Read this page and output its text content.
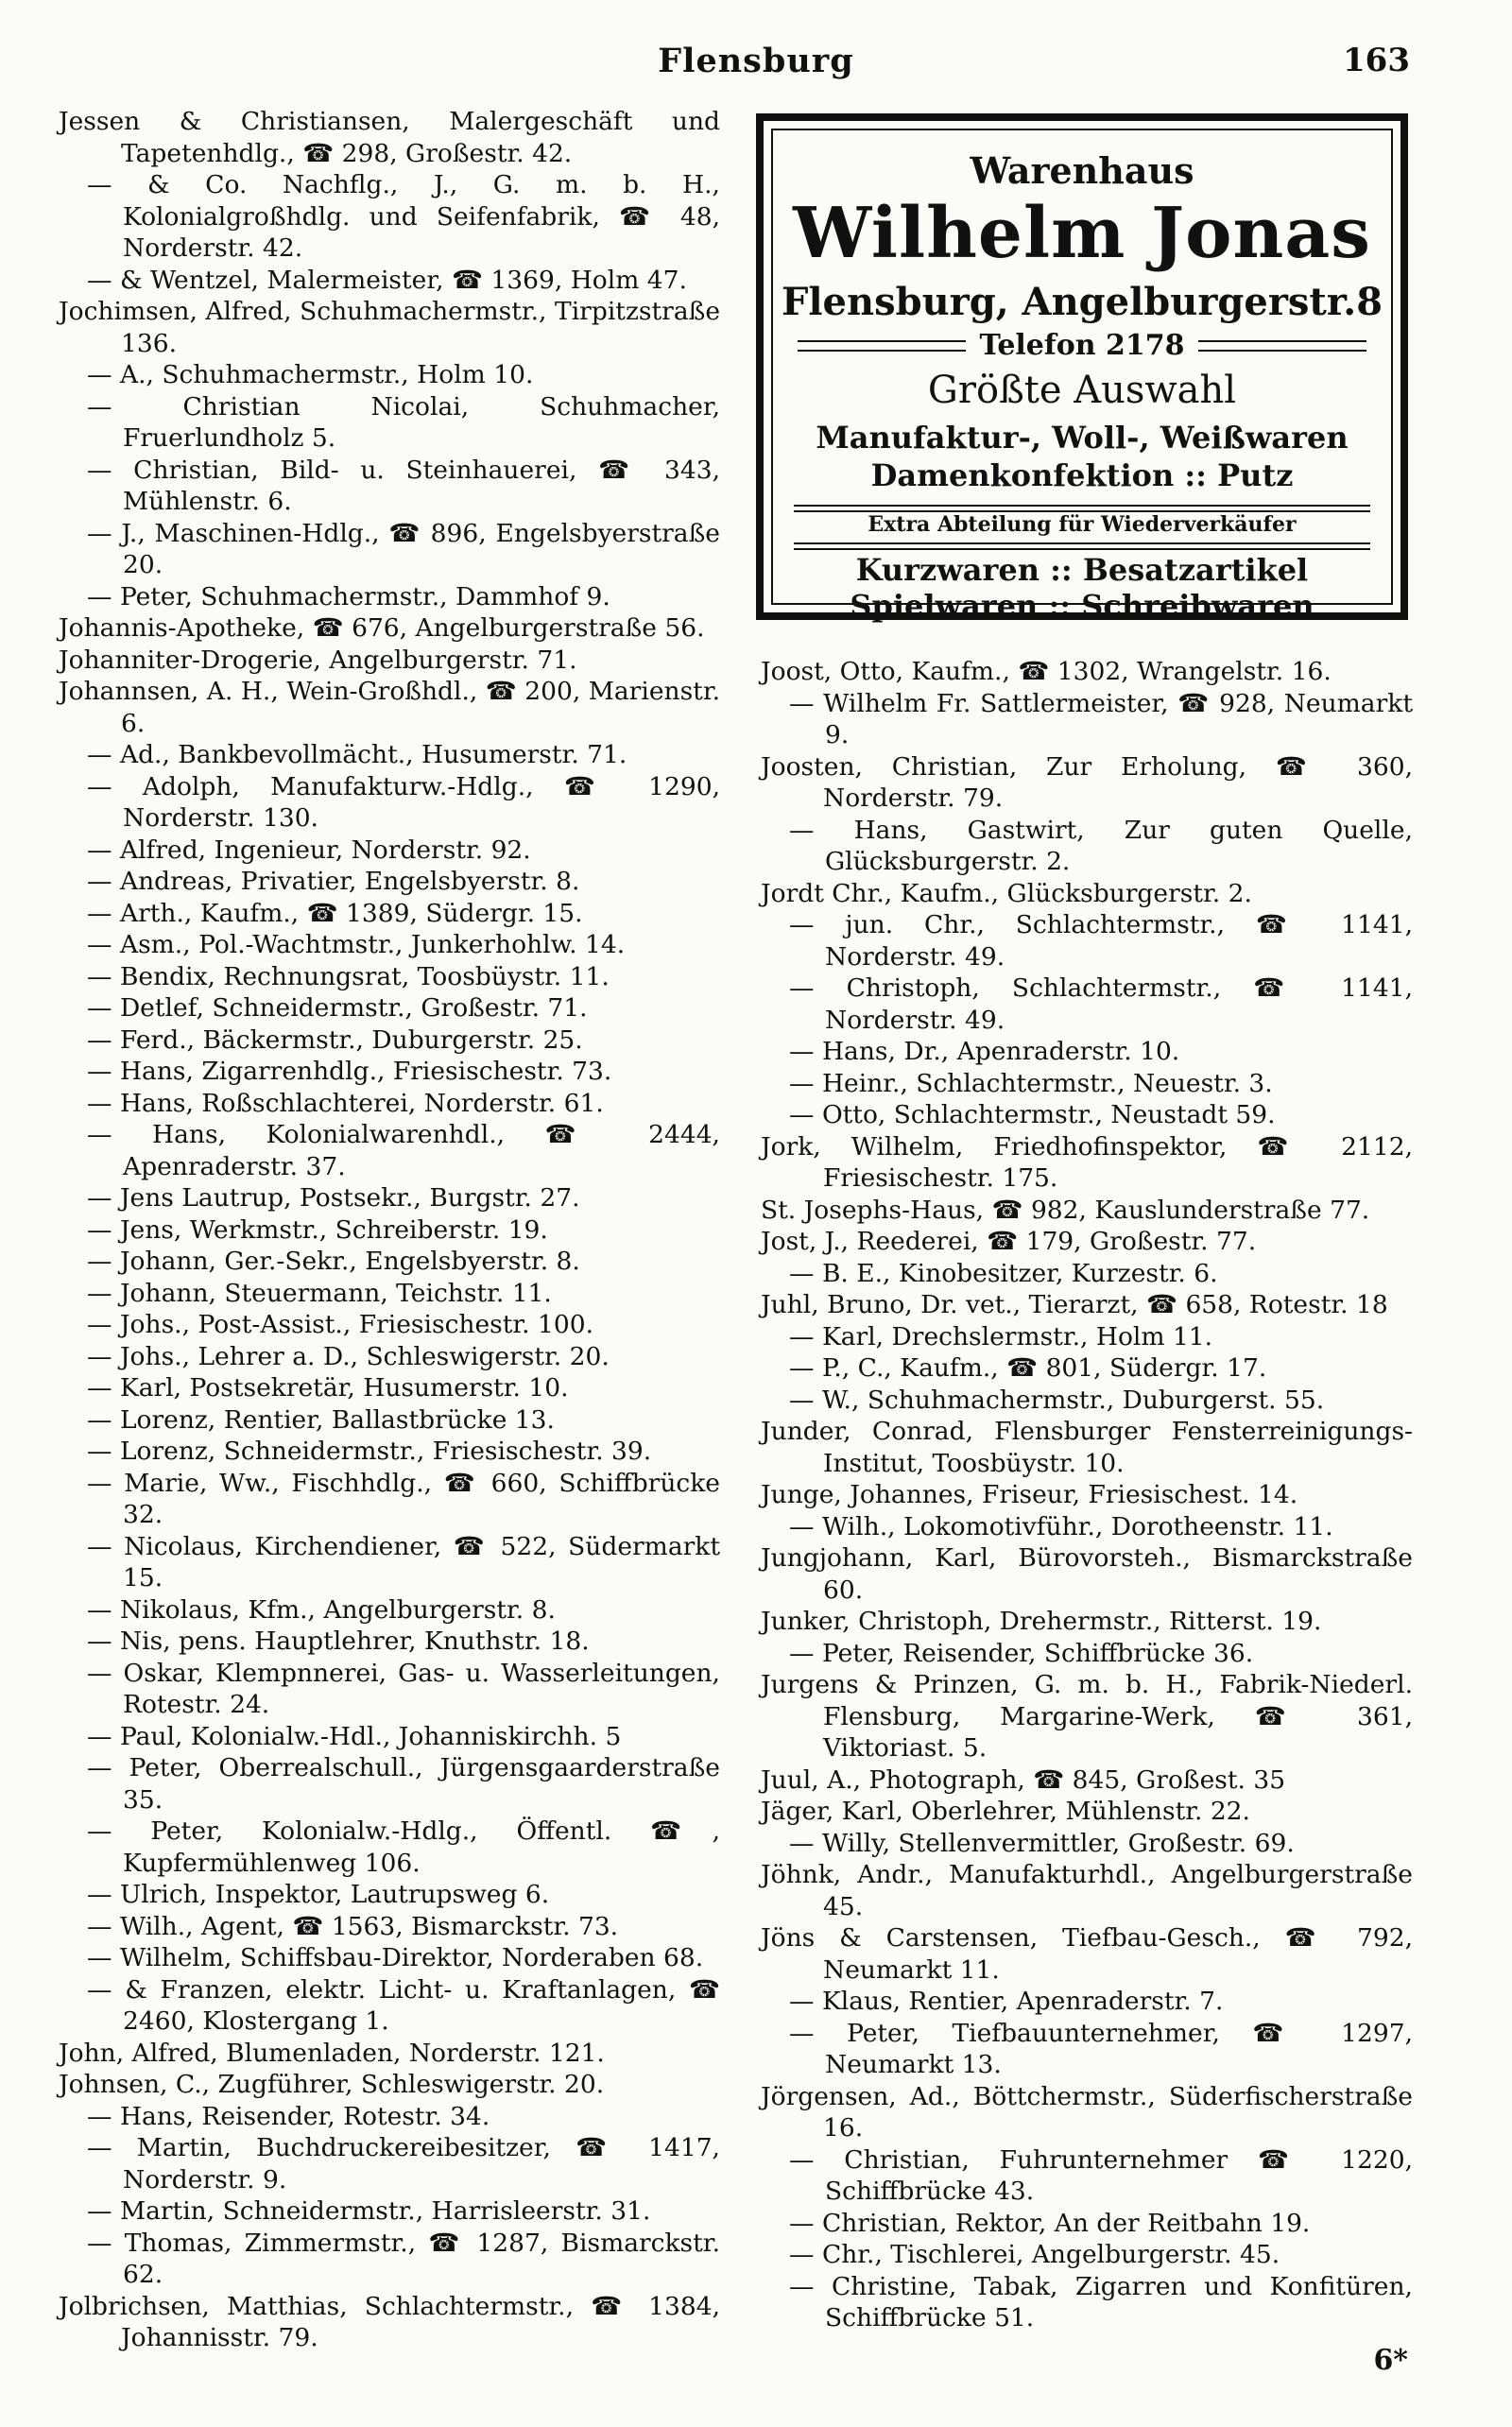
Flensburg	163

Jessen & Christiansen, Malergeschäft und Tapetenhdlg., ☎ 298, Großestr. 42.

— & Co. Nachflg., J., G. m. b. H., Kolonialgroßhdlg. und Seifenfabrik, ☎ 48, Norderstr. 42.

— & Wentzel, Malermeister, ☎ 1369, Holm 47.

Jochimsen, Alfred, Schuhmachermstr., Tirpitzstraße 136.

— A., Schuhmachermstr., Holm 10.

— Christian Nicolai, Schuhmacher, Fruerlundholz 5.

— Christian, Bild- u. Steinhauerei, ☎ 343, Mühlenstr. 6.

— J., Maschinen-Hdlg., ☎ 896, Engelsbyerstraße 20.

— Peter, Schuhmachermstr., Dammhof 9.

Johannis-Apotheke, ☎ 676, Angelburgerstraße 56.

Johanniter-Drogerie, Angelburgerstr. 71.

Johannsen, A. H., Wein-Großhdl., ☎ 200, Marienstr. 6.

— Ad., Bankbevollmächt., Husumerstr. 71.

— Adolph, Manufakturw.-Hdlg., ☎ 1290, Norderstr. 130.

— Alfred, Ingenieur, Norderstr. 92.

— Andreas, Privatier, Engelsbyerstr. 8.

— Arth., Kaufm., ☎ 1389, Südergr. 15.

— Asm., Pol.-Wachtmstr., Junkerhohlw. 14.

— Bendix, Rechnungsrat, Toosbüystr. 11.

— Detlef, Schneidermstr., Großestr. 71.

— Ferd., Bäckermstr., Duburgerstr. 25.

— Hans, Zigarrenhdlg., Friesischestr. 73.

— Hans, Roßschlachterei, Norderstr. 61.

— Hans, Kolonialwarenhdl., ☎ 2444, Apenraderstr. 37.

— Jens Lautrup, Postsekr., Burgstr. 27.

— Jens, Werkmstr., Schreiberstr. 19.

— Johann, Ger.-Sekr., Engelsbyerstr. 8.

— Johann, Steuermann, Teichstr. 11.

— Johs., Post-Assist., Friesischestr. 100.

— Johs., Lehrer a. D., Schleswigerstr. 20.

— Karl, Postsekretär, Husumerstr. 10.

— Lorenz, Rentier, Ballastbrücke 13.

— Lorenz, Schneidermstr., Friesischestr. 39.

— Marie, Ww., Fischhdlg., ☎ 660, Schiffbrücke 32.

— Nicolaus, Kirchendiener, ☎ 522, Südermarkt 15.

— Nikolaus, Kfm., Angelburgerstr. 8.

— Nis, pens. Hauptlehrer, Knuthstr. 18.

— Oskar, Klempnnerei, Gas- u. Wasserleitungen, Rotestr. 24.

— Paul, Kolonialw.-Hdl., Johanniskirchh. 5

— Peter, Oberrealschull., Jürgensgaarderstraße 35.

— Peter, Kolonialw.-Hdlg., Öffentl. ☎, Kupfermühlenweg 106.

— Ulrich, Inspektor, Lautrupsweg 6.

— Wilh., Agent, ☎ 1563, Bismarckstr. 73.

— Wilhelm, Schiffsbau-Direktor, Norderaben 68.

— & Franzen, elektr. Licht- u. Kraftanlagen, ☎ 2460, Klostergang 1.

John, Alfred, Blumenladen, Norderstr. 121.

Johnsen, C., Zugführer, Schleswigerstr. 20.

— Hans, Reisender, Rotestr. 34.

— Martin, Buchdruckereibesitzer, ☎ 1417, Norderstr. 9.

— Martin, Schneidermstr., Harrisleerstr. 31.

— Thomas, Zimmermstr., ☎ 1287, Bismarckstr. 62.

Jolbrichsen, Matthias, Schlachtermstr., ☎ 1384, Johannisstr. 79.

Warenhaus
Wilhelm Jonas
Flensburg, Angelburgerstr.8
Telefon 2178
Größte Auswahl
Manufaktur-, Woll-, Weißwaren
Damenkonfektion :: Putz
Extra Abteilung für Wiederverkäufer
Kurzwaren :: Besatzartikel
Spielwaren :: Schreibwaren

Joost, Otto, Kaufm., ☎ 1302, Wrangelstr. 16.

— Wilhelm Fr. Sattlermeister, ☎ 928, Neumarkt 9.

Joosten, Christian, Zur Erholung, ☎ 360, Norderstr. 79.

— Hans, Gastwirt, Zur guten Quelle, Glücksburgerstr. 2.

Jordt Chr., Kaufm., Glücksburgerstr. 2.

— jun. Chr., Schlachtermstr., ☎ 1141, Norderstr. 49.

— Christoph, Schlachtermstr., ☎ 1141, Norderstr. 49.

— Hans, Dr., Apenraderstr. 10.

— Heinr., Schlachtermstr., Neuestr. 3.

— Otto, Schlachtermstr., Neustadt 59.

Jork, Wilhelm, Friedhofinspektor, ☎ 2112, Friesischestr. 175.

St. Josephs-Haus, ☎ 982, Kauslunderstraße 77.

Jost, J., Reederei, ☎ 179, Großestr. 77.

— B. E., Kinobesitzer, Kurzestr. 6.

Juhl, Bruno, Dr. vet., Tierarzt, ☎ 658, Rotestr. 18

— Karl, Drechslermstr., Holm 11.

— P., C., Kaufm., ☎ 801, Südergr. 17.

— W., Schuhmachermstr., Duburgerst. 55.

Junder, Conrad, Flensburger Fensterreinigungs-Institut, Toosbüystr. 10.

Junge, Johannes, Friseur, Friesischest. 14.

— Wilh., Lokomotivführ., Dorotheenstr. 11.

Jungjohann, Karl, Bürovorsteh., Bismarckstraße 60.

Junker, Christoph, Drehermstr., Ritterst. 19.

— Peter, Reisender, Schiffbrücke 36.

Jurgens & Prinzen, G. m. b. H., Fabrik-Niederl. Flensburg, Margarine-Werk, ☎ 361, Viktoriast. 5.

Juul, A., Photograph, ☎ 845, Großest. 35

Jäger, Karl, Oberlehrer, Mühlenstr. 22.

— Willy, Stellenvermittler, Großestr. 69.

Jöhnk, Andr., Manufakturhdl., Angelburgerstraße 45.

Jöns & Carstensen, Tiefbau-Gesch., ☎ 792, Neumarkt 11.

— Klaus, Rentier, Apenraderstr. 7.

— Peter, Tiefbauunternehmer, ☎ 1297, Neumarkt 13.

Jörgensen, Ad., Böttchermstr., Süderfischerstraße 16.

— Christian, Fuhrunternehmer ☎ 1220, Schiffbrücke 43.

— Christian, Rektor, An der Reitbahn 19.

— Chr., Tischlerei, Angelburgerstr. 45.

— Christine, Tabak, Zigarren und Konfitüren, Schiffbrücke 51.

6*
